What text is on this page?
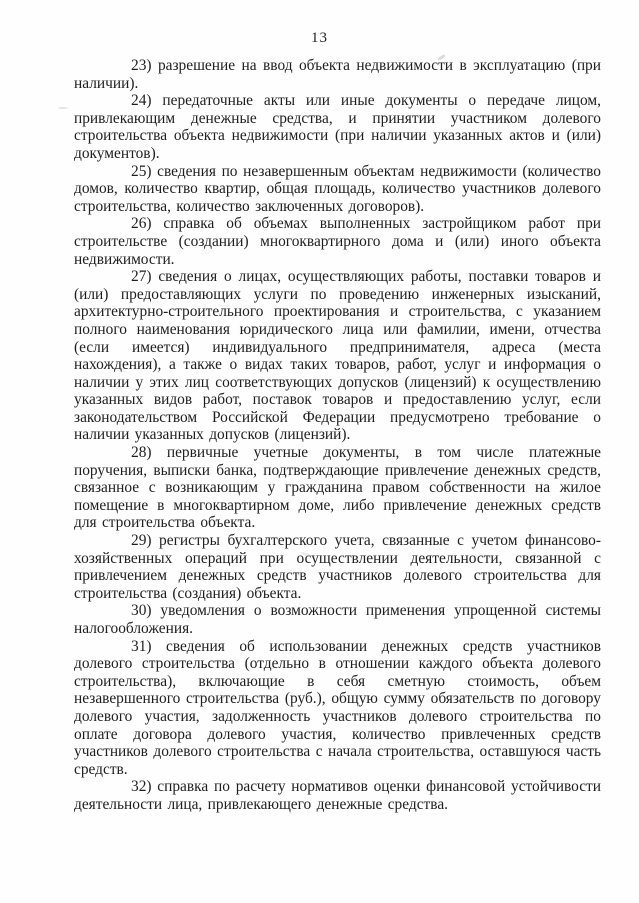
13

23) разрешение на ввод объекта недвижимости в эксплуатацию (при наличии).

24) передаточные акты или иные документы о передаче лицом, привлекающим денежные средства, и принятии участником долевого строительства объекта недвижимости (при наличии указанных актов и (или) документов).

25) сведения по незавершенным объектам недвижимости (количество домов, количество квартир, общая площадь, количество участников долевого строительства, количество заключенных договоров).

26) справка об объемах выполненных застройщиком работ при строительстве (создании) многоквартирного дома и (или) иного объекта недвижимости.

27) сведения о лицах, осуществляющих работы, поставки товаров и (или) предоставляющих услуги по проведению инженерных изысканий, архитектурно-строительного проектирования и строительства, с указанием полного наименования юридического лица или фамилии, имени, отчества (если имеется) индивидуального предпринимателя, адреса (места нахождения), а также о видах таких товаров, работ, услуг и информация о наличии у этих лиц соответствующих допусков (лицензий) к осуществлению указанных видов работ, поставок товаров и предоставлению услуг, если законодательством Российской Федерации предусмотрено требование о наличии указанных допусков (лицензий).

28) первичные учетные документы, в том числе платежные поручения, выписки банка, подтверждающие привлечение денежных средств, связанное с возникающим у гражданина правом собственности на жилое помещение в многоквартирном доме, либо привлечение денежных средств для строительства объекта.

29) регистры бухгалтерского учета, связанные с учетом финансово-хозяйственных операций при осуществлении деятельности, связанной с привлечением денежных средств участников долевого строительства для строительства (создания) объекта.

30) уведомления о возможности применения упрощенной системы налогообложения.

31) сведения об использовании денежных средств участников долевого строительства (отдельно в отношении каждого объекта долевого строительства), включающие в себя сметную стоимость, объем незавершенного строительства (руб.), общую сумму обязательств по договору долевого участия, задолженность участников долевого строительства по оплате договора долевого участия, количество привлеченных средств участников долевого строительства с начала строительства, оставшуюся часть средств.

32) справка по расчету нормативов оценки финансовой устойчивости деятельности лица, привлекающего денежные средства.
